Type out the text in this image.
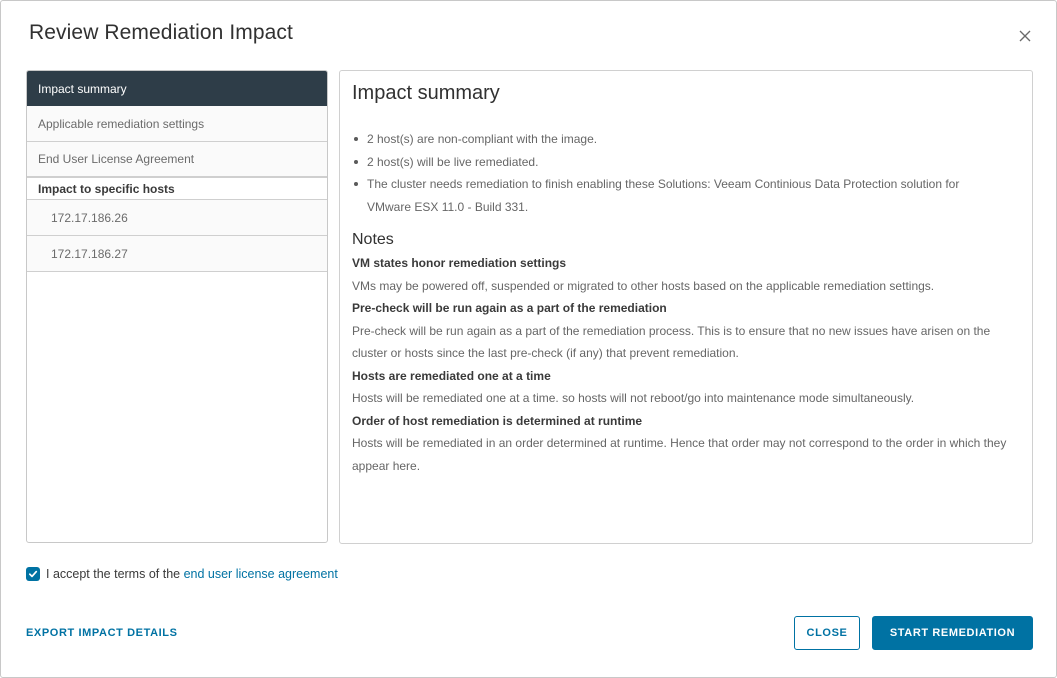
Review Remediation Impact
Impact summary
Applicable remediation settings
End User License Agreement
Impact to specific hosts
172.17.186.26
172.17.186.27
Impact summary
2 host(s) are non-compliant with the image.
2 host(s) will be live remediated.
The cluster needs remediation to finish enabling these Solutions: Veeam Continious Data Protection solution for VMware ESX 11.0 - Build 331.
Notes
VM states honor remediation settings
VMs may be powered off, suspended or migrated to other hosts based on the applicable remediation settings.
Pre-check will be run again as a part of the remediation
Pre-check will be run again as a part of the remediation process. This is to ensure that no new issues have arisen on the cluster or hosts since the last pre-check (if any) that prevent remediation.
Hosts are remediated one at a time
Hosts will be remediated one at a time. so hosts will not reboot/go into maintenance mode simultaneously.
Order of host remediation is determined at runtime
Hosts will be remediated in an order determined at runtime. Hence that order may not correspond to the order in which they appear here.
I accept the terms of the end user license agreement
EXPORT IMPACT DETAILS	CLOSE	START REMEDIATION
